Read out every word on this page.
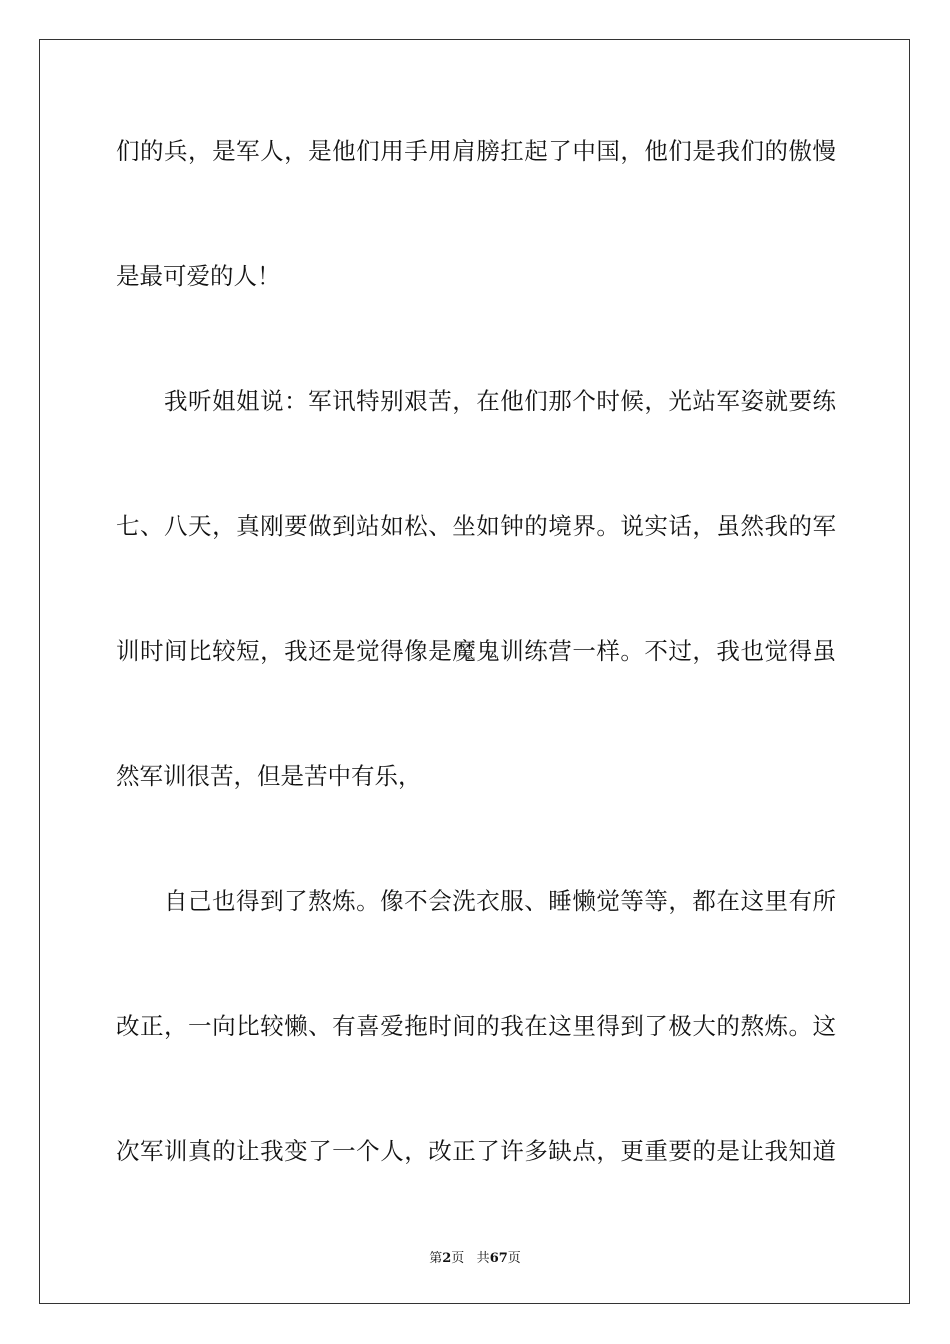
们的兵，是军人，是他们用手用肩膀扛起了中国，他们是我们的傲慢
是最可爱的人！
我听姐姐说：军讯特别艰苦，在他们那个时候，光站军姿就要练
七、八天，真刚要做到站如松、坐如钟的境界。说实话，虽然我的军
训时间比较短，我还是觉得像是魔鬼训练营一样。不过，我也觉得虽
然军训很苦，但是苦中有乐，
自己也得到了熬炼。像不会洗衣服、睡懒觉等等，都在这里有所
改正，一向比较懒、有喜爱拖时间的我在这里得到了极大的熬炼。这
次军训真的让我变了一个人，改正了许多缺点，更重要的是让我知道
第2页 共67页
